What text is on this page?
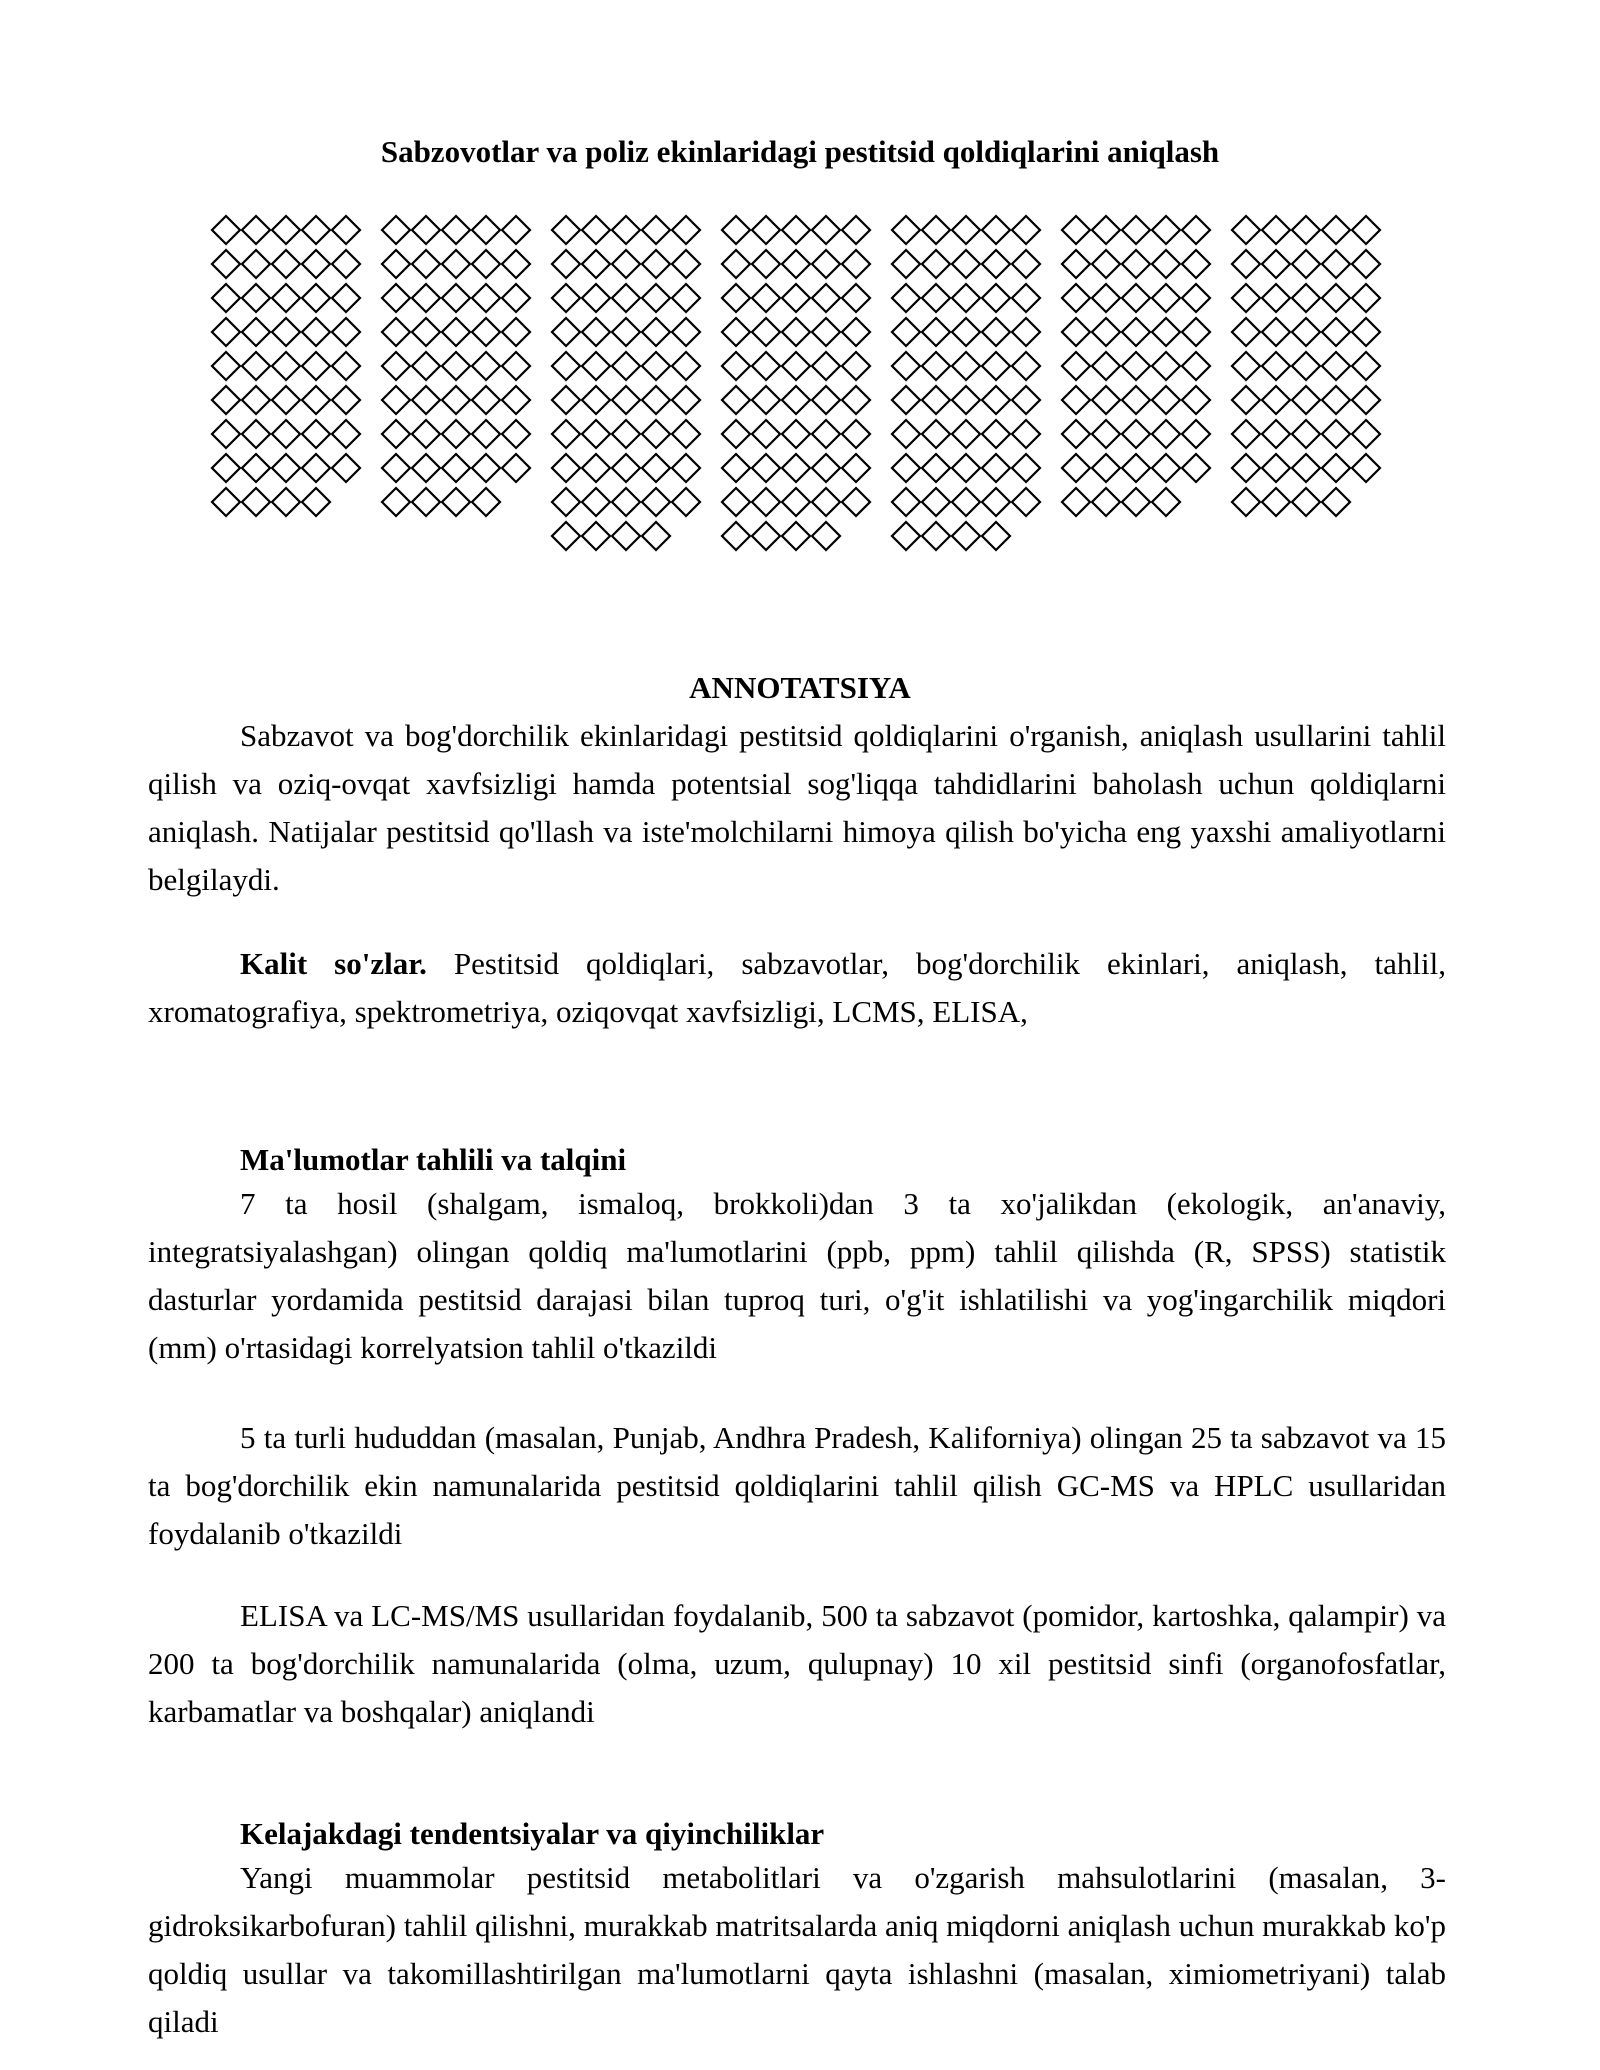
Sabzovotlar va poliz ekinlaridagi pestitsid qoldiqlarini aniqlash
ANNOTATSIYA

Sabzavot va bog'dorchilik ekinlaridagi pestitsid qoldiqlarini o'rganish, aniqlash usullarini tahlil qilish va oziq-ovqat xavfsizligi hamda potentsial sog'liqqa tahdidlarini baholash uchun qoldiqlarni aniqlash. Natijalar pestitsid qo'llash va iste'molchilarni himoya qilish bo'yicha eng yaxshi amaliyotlarni belgilaydi.

Kalit so'zlar. Pestitsid qoldiqlari, sabzavotlar, bog'dorchilik ekinlari, aniqlash, tahlil, xromatografiya, spektrometriya, oziqovqat xavfsizligi, LCMS, ELISA,

Ma'lumotlar tahlili va talqini

7 ta hosil (shalgam, ismaloq, brokkoli)dan 3 ta xo'jalikdan (ekologik, an'anaviy, integratsiyalashgan) olingan qoldiq ma'lumotlarini (ppb, ppm) tahlil qilishda (R, SPSS) statistik dasturlar yordamida pestitsid darajasi bilan tuproq turi, o'g'it ishlatilishi va yog'ingarchilik miqdori (mm) o'rtasidagi korrelyatsion tahlil o'tkazildi

5 ta turli hududdan (masalan, Punjab, Andhra Pradesh, Kaliforniya) olingan 25 ta sabzavot va 15 ta bog'dorchilik ekin namunalarida pestitsid qoldiqlarini tahlil qilish GC-MS va HPLC usullaridan foydalanib o'tkazildi

ELISA va LC-MS/MS usullaridan foydalanib, 500 ta sabzavot (pomidor, kartoshka, qalampir) va 200 ta bog'dorchilik namunalarida (olma, uzum, qulupnay) 10 xil pestitsid sinfi (organofosfatlar, karbamatlar va boshqalar) aniqlandi

Kelajakdagi tendentsiyalar va qiyinchiliklar

Yangi muammolar pestitsid metabolitlari va o'zgarish mahsulotlarini (masalan, 3-gidroksikarbofuran) tahlil qilishni, murakkab matritsalarda aniq miqdorni aniqlash uchun murakkab ko'p qoldiq usullar va takomillashtirilgan ma'lumotlarni qayta ishlashni (masalan, ximiometriyani) talab qiladi
